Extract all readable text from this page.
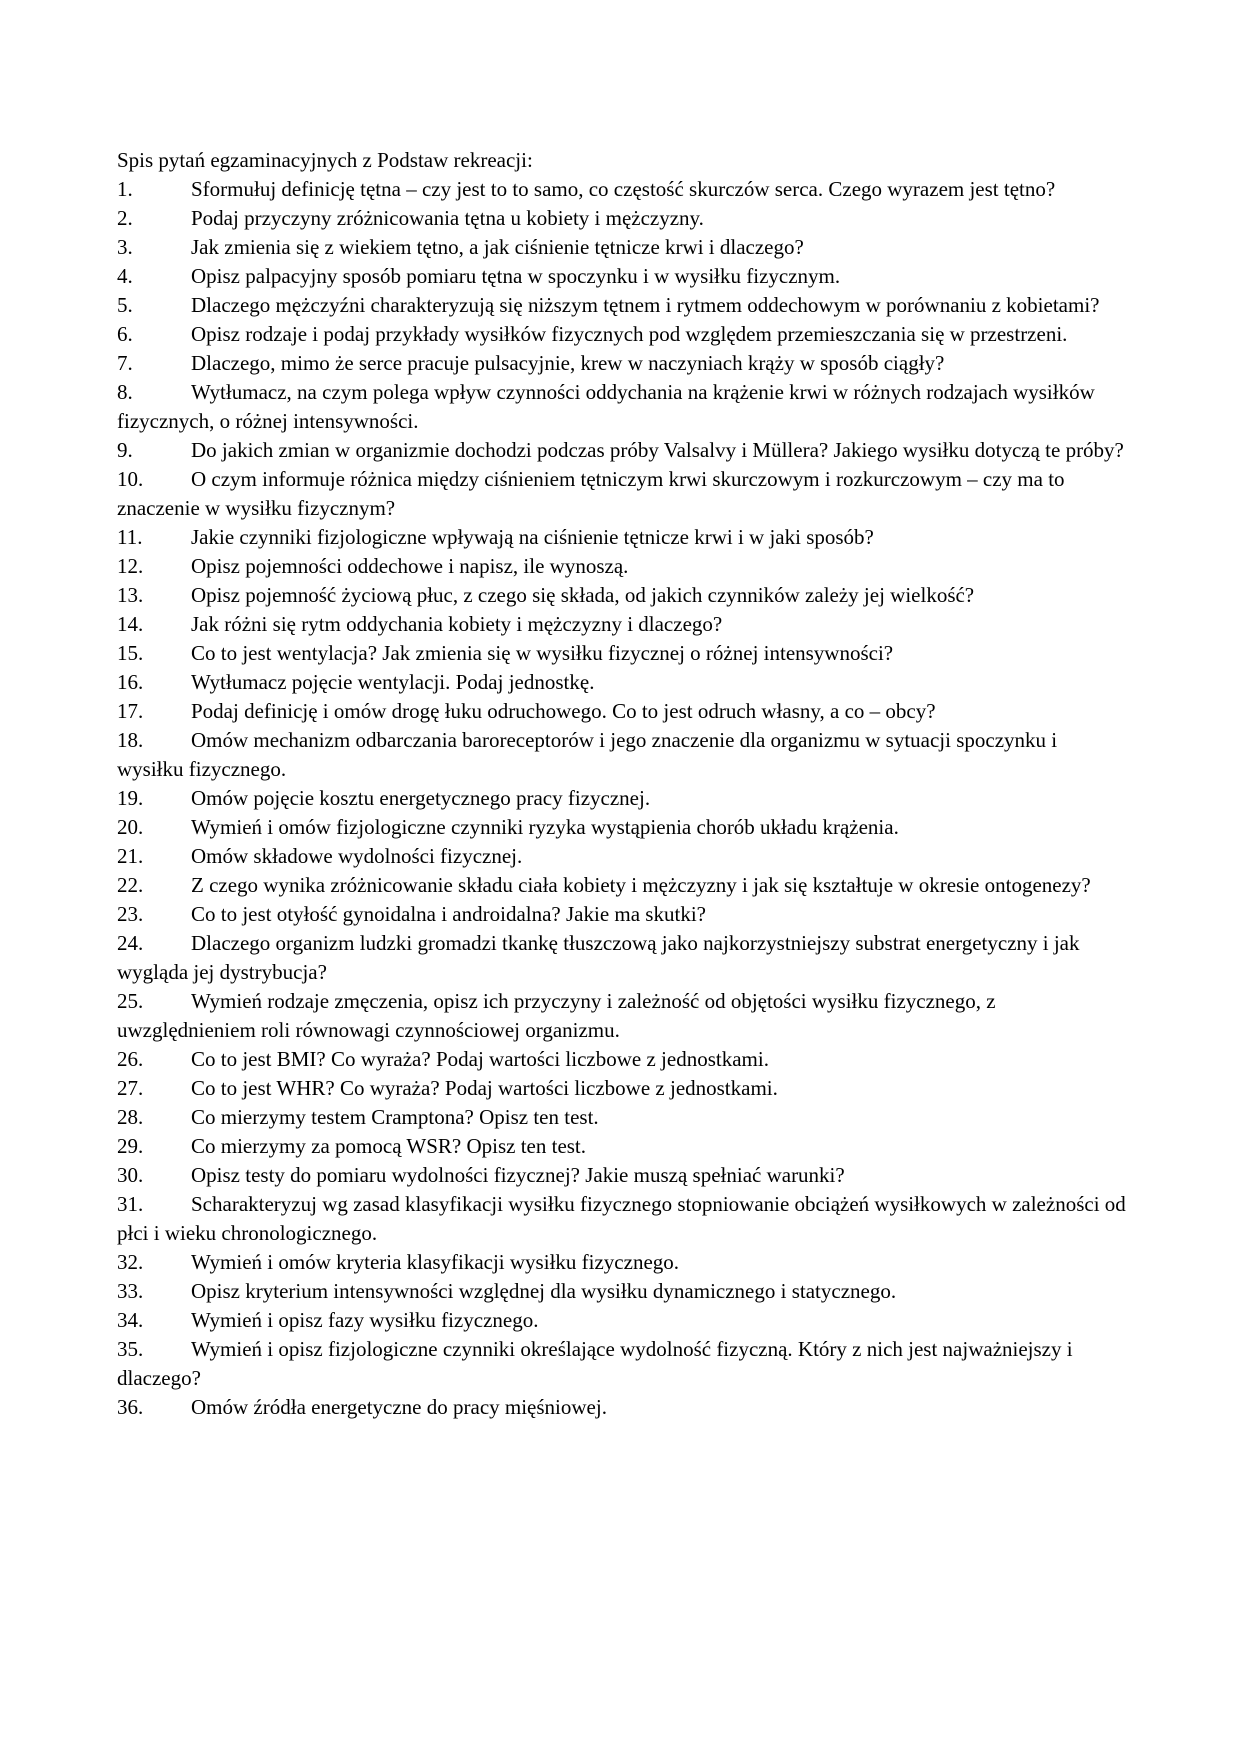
Spis pytań egzaminacyjnych z Podstaw rekreacji:
1.	Sformułuj definicję tętna – czy jest to to samo, co częstość skurczów serca. Czego wyrazem jest tętno?
2.	Podaj przyczyny zróżnicowania tętna u kobiety i mężczyzny.
3.	Jak zmienia się z wiekiem tętno, a jak ciśnienie tętnicze krwi i dlaczego?
4.	Opisz palpacyjny sposób pomiaru tętna w spoczynku i w wysiłku fizycznym.
5.	Dlaczego mężczyźni charakteryzują się niższym tętnem i rytmem oddechowym w porównaniu z kobietami?
6.	Opisz rodzaje i podaj przykłady wysiłków fizycznych pod względem przemieszczania się w przestrzeni.
7.	Dlaczego, mimo że serce pracuje pulsacyjnie, krew w naczyniach krąży w sposób ciągły?
8.	Wytłumacz, na czym polega wpływ czynności oddychania na krążenie krwi w różnych rodzajach wysiłków fizycznych, o różnej intensywności.
9.	Do jakich zmian w organizmie dochodzi podczas próby Valsalvy i Müllera? Jakiego wysiłku dotyczą te próby?
10. O czym informuje różnica między ciśnieniem tętniczym krwi skurczowym i rozkurczowym – czy ma to znaczenie w wysiłku fizycznym?
11. Jakie czynniki fizjologiczne wpływają na ciśnienie tętnicze krwi i w jaki sposób?
12. Opisz pojemności oddechowe i napisz, ile wynoszą.
13. Opisz pojemność życiową płuc, z czego się składa, od jakich czynników zależy jej wielkość?
14. Jak różni się rytm oddychania kobiety i mężczyzny i dlaczego?
15. Co to jest wentylacja? Jak zmienia się w wysiłku fizycznej o różnej intensywności?
16. Wytłumacz pojęcie wentylacji. Podaj jednostkę.
17. Podaj definicję i omów drogę łuku odruchowego. Co to jest odruch własny, a co – obcy?
18. Omów mechanizm odbarczania baroreceptorów i jego znaczenie dla organizmu w sytuacji spoczynku i wysiłku fizycznego.
19. Omów pojęcie kosztu energetycznego pracy fizycznej.
20. Wymień i omów fizjologiczne czynniki ryzyka wystąpienia chorób układu krążenia.
21. Omów składowe wydolności fizycznej.
22. Z czego wynika zróżnicowanie składu ciała kobiety i mężczyzny i jak się kształtuje w okresie ontogenezy?
23. Co to jest otyłość gynoidalna i androidalna? Jakie ma skutki?
24. Dlaczego organizm ludzki gromadzi tkankę tłuszczową jako najkorzystniejszy substrat energetyczny i jak wygląda jej dystrybucja?
25. Wymień rodzaje zmęczenia, opisz ich przyczyny i zależność od objętości wysiłku fizycznego, z uwzględnieniem roli równowagi czynnościowej organizmu.
26. Co to jest BMI? Co wyraża? Podaj wartości liczbowe z jednostkami.
27. Co to jest WHR? Co wyraża? Podaj wartości liczbowe z jednostkami.
28. Co mierzymy testem Cramptona? Opisz ten test.
29. Co mierzymy za pomocą WSR? Opisz ten test.
30. Opisz testy do pomiaru wydolności fizycznej? Jakie muszą spełniać warunki?
31. Scharakteryzuj wg zasad klasyfikacji wysiłku fizycznego stopniowanie obciążeń wysiłkowych w zależności od płci i wieku chronologicznego.
32. Wymień i omów kryteria klasyfikacji wysiłku fizycznego.
33. Opisz kryterium intensywności względnej dla wysiłku dynamicznego i statycznego.
34. Wymień i opisz fazy wysiłku fizycznego.
35. Wymień i opisz fizjologiczne czynniki określające wydolność fizyczną. Który z nich jest najważniejszy i dlaczego?
36. Omów źródła energetyczne do pracy mięśniowej.
